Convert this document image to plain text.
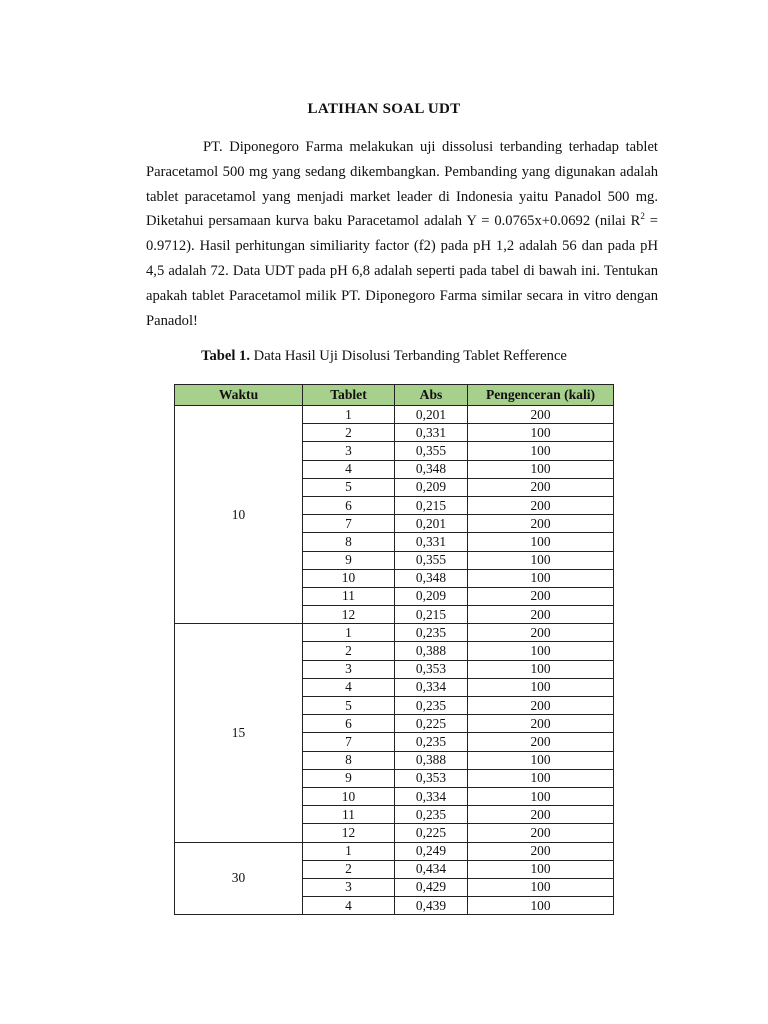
LATIHAN SOAL UDT

PT. Diponegoro Farma melakukan uji dissolusi terbanding terhadap tablet Paracetamol 500 mg yang sedang dikembangkan. Pembanding yang digunakan adalah tablet paracetamol yang menjadi market leader di Indonesia yaitu Panadol 500 mg. Diketahui persamaan kurva baku Paracetamol adalah Y = 0.0765x+0.0692 (nilai $R^2 = 0.9712$). Hasil perhitungan similiarity factor (f2) pada pH 1,2 adalah 56 dan pada pH 4,5 adalah 72. Data UDT pada pH 6,8 adalah seperti pada tabel di bawah ini. Tentukan apakah tablet Paracetamol milik PT. Diponegoro Farma similar secara in vitro dengan Panadol!

Tabel 1. Data Hasil Uji Disolusi Terbanding Tablet Refference
Waktu	Tablet	Abs	Pengenceran (kali)
10	1	0,201	200
	2	0,331	100
	3	0,355	100
	4	0,348	100
	5	0,209	200
	6	0,215	200
	7	0,201	200
	8	0,331	100
	9	0,355	100
	10	0,348	100
	11	0,209	200
	12	0,215	200
15	1	0,235	200
	2	0,388	100
	3	0,353	100
	4	0,334	100
	5	0,235	200
	6	0,225	200
	7	0,235	200
	8	0,388	100
	9	0,353	100
	10	0,334	100
	11	0,235	200
	12	0,225	200
30	1	0,249	200
	2	0,434	100
	3	0,429	100
	4	0,439	100
